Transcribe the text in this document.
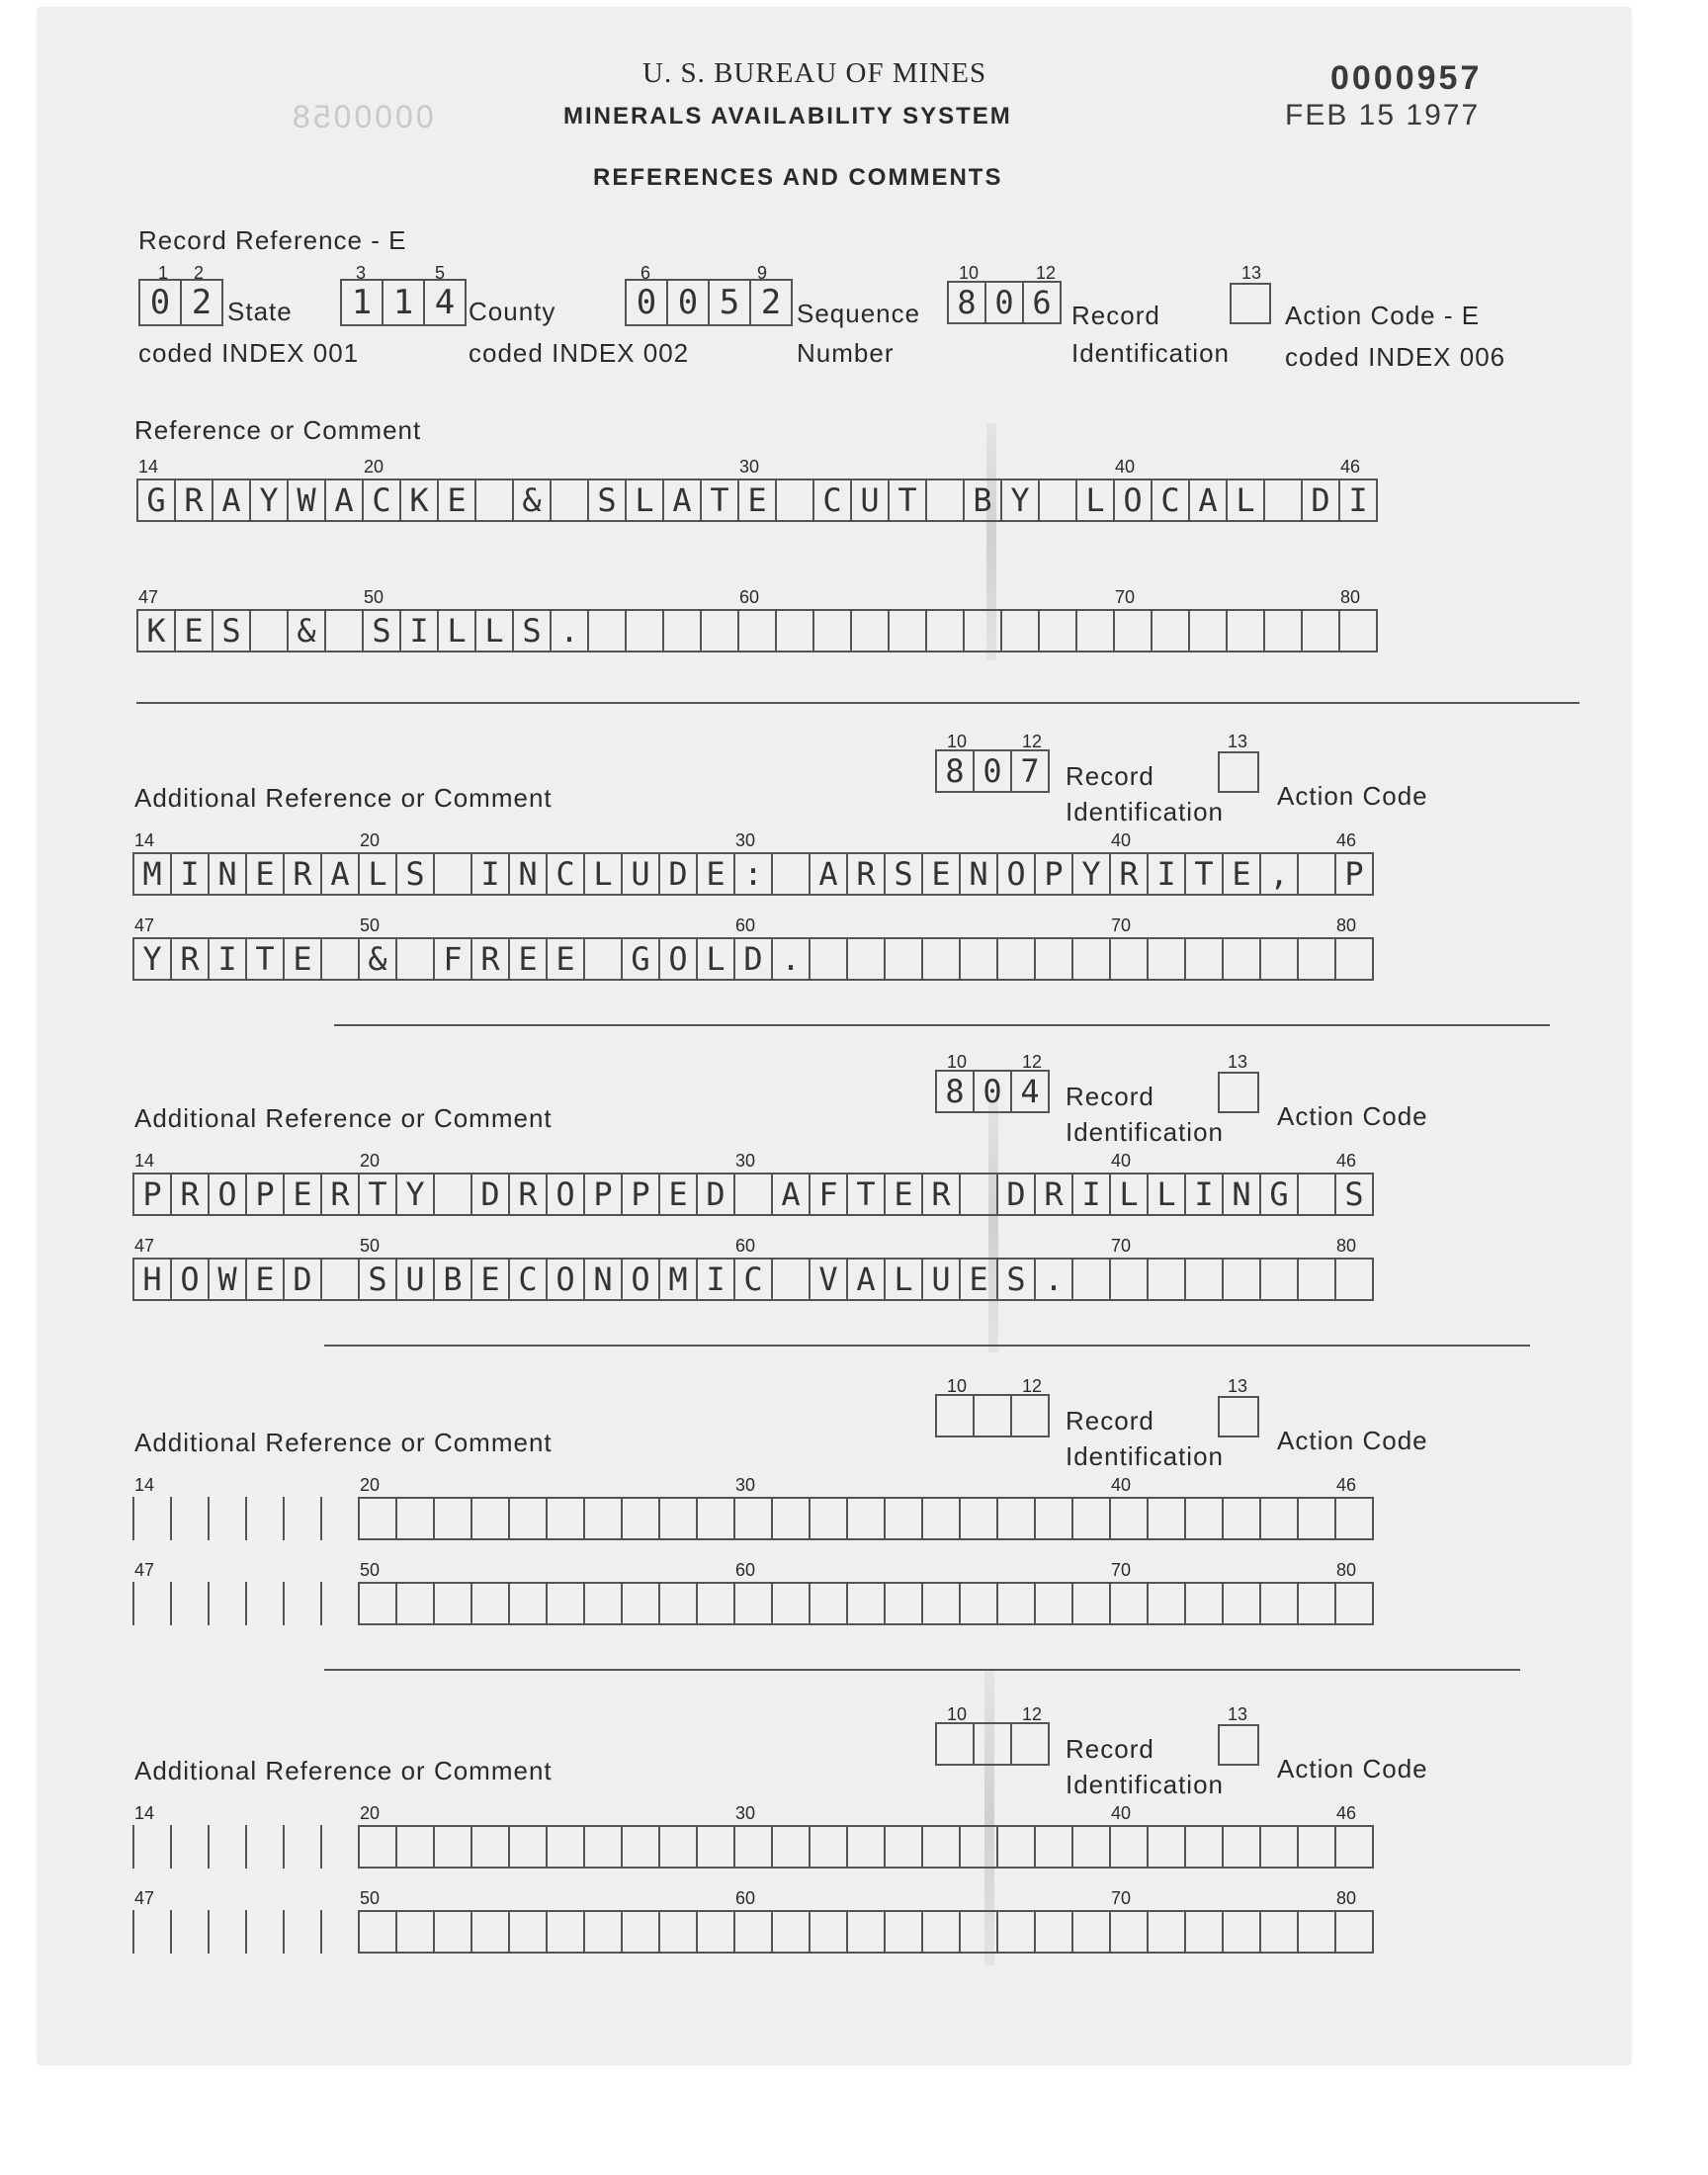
0000058
U. S. BUREAU OF MINES
MINERALS AVAILABILITY SYSTEM
REFERENCES AND COMMENTS
0000957
FEB 15 1977
Record Reference - E
1 2
0 2 State
coded INDEX 001
3	5
1 1 4 County
coded INDEX 002
6	9
0 0 5 2 Sequence
Number
10	12
8 0 6 Record
Identification
13
Action Code - E
coded INDEX 006
Reference or Comment
14	20	30	40	46
G R A Y W A C K E	&	S L A T E	C U T	B Y	L O C A L	D I
47	50	60	70	80
K E S	&	S I L L S .
Additional Reference or Comment
10	12
8 0 7	Record
Identification
13
Action Code
14	20	30	40	46
M I N E R A L S	I N C L U D E :	A R S E N O P Y R I T E ,	P
47	50	60	70	80
Y R I T E	&	F R E E	G O L D .
Additional Reference or Comment
10	12
8 0 4	Record
Identification
13
Action Code
14	20	30	40	46
P R O P E R T Y	D R O P P E D	A F T E R	D R I L L I N G	S
47	50	60	70	80
H O W E D	S U B E C O N O M I C	V A L U E S .
Additional Reference or Comment
10	12
Record
Identification
13
Action Code
14	20	30	40	46
47	50	60	70	80
Additional Reference or Comment
10	12
Record
Identification
13
Action Code
14	20	30	40	46
47	50	60	70	80
